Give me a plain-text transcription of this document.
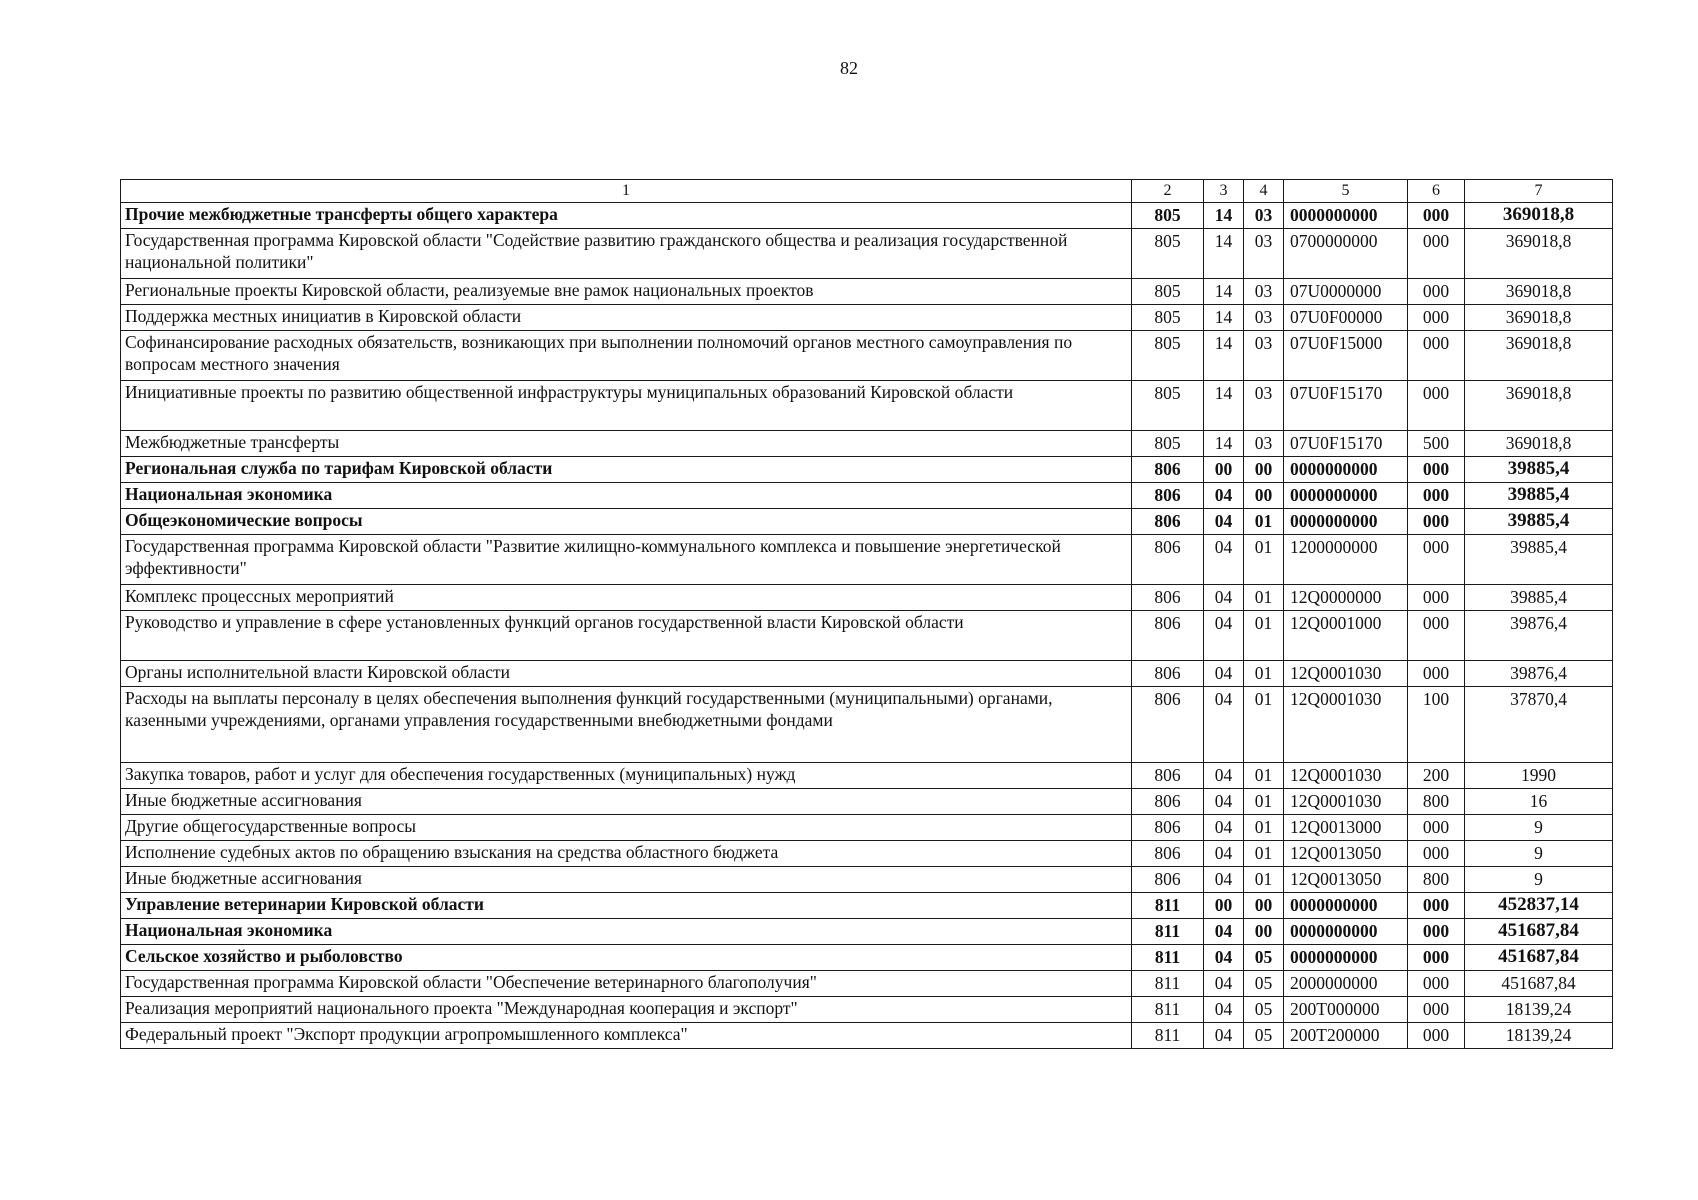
82
1	2	3	4	5	6	7
Прочие межбюджетные трансферты общего характера	805	14	03	0000000000	000	369018,8
Государственная программа Кировской области "Содействие развитию гражданского общества и реализация государственной национальной политики"	805	14	03	0700000000	000	369018,8
Региональные проекты Кировской области, реализуемые вне рамок национальных проектов	805	14	03	07U0000000	000	369018,8
Поддержка местных инициатив в Кировской области	805	14	03	07U0F00000	000	369018,8
Софинансирование расходных обязательств, возникающих при выполнении полномочий органов местного самоуправления по вопросам местного значения	805	14	03	07U0F15000	000	369018,8
Инициативные проекты по развитию общественной инфраструктуры муниципальных образований Кировской области	805	14	03	07U0F15170	000	369018,8
Межбюджетные трансферты	805	14	03	07U0F15170	500	369018,8
Региональная служба по тарифам Кировской области	806	00	00	0000000000	000	39885,4
Национальная экономика	806	04	00	0000000000	000	39885,4
Общеэкономические вопросы	806	04	01	0000000000	000	39885,4
Государственная программа Кировской области "Развитие жилищно-коммунального комплекса и повышение энергетической эффективности"	806	04	01	1200000000	000	39885,4
Комплекс процессных мероприятий	806	04	01	12Q0000000	000	39885,4
Руководство и управление в сфере установленных функций органов государственной власти Кировской области	806	04	01	12Q0001000	000	39876,4
Органы исполнительной власти Кировской области	806	04	01	12Q0001030	000	39876,4
Расходы на выплаты персоналу в целях обеспечения выполнения функций государственными (муниципальными) органами, казенными учреждениями, органами управления государственными внебюджетными фондами	806	04	01	12Q0001030	100	37870,4
Закупка товаров, работ и услуг для обеспечения государственных (муниципальных) нужд	806	04	01	12Q0001030	200	1990
Иные бюджетные ассигнования	806	04	01	12Q0001030	800	16
Другие общегосударственные вопросы	806	04	01	12Q0013000	000	9
Исполнение судебных актов по обращению взыскания на средства областного бюджета	806	04	01	12Q0013050	000	9
Иные бюджетные ассигнования	806	04	01	12Q0013050	800	9
Управление ветеринарии Кировской области	811	00	00	0000000000	000	452837,14
Национальная экономика	811	04	00	0000000000	000	451687,84
Сельское хозяйство и рыболовство	811	04	05	0000000000	000	451687,84
Государственная программа Кировской области "Обеспечение ветеринарного благополучия"	811	04	05	2000000000	000	451687,84
Реализация мероприятий национального проекта "Международная кооперация и экспорт"	811	04	05	200T000000	000	18139,24
Федеральный проект "Экспорт продукции агропромышленного комплекса"	811	04	05	200T200000	000	18139,24
